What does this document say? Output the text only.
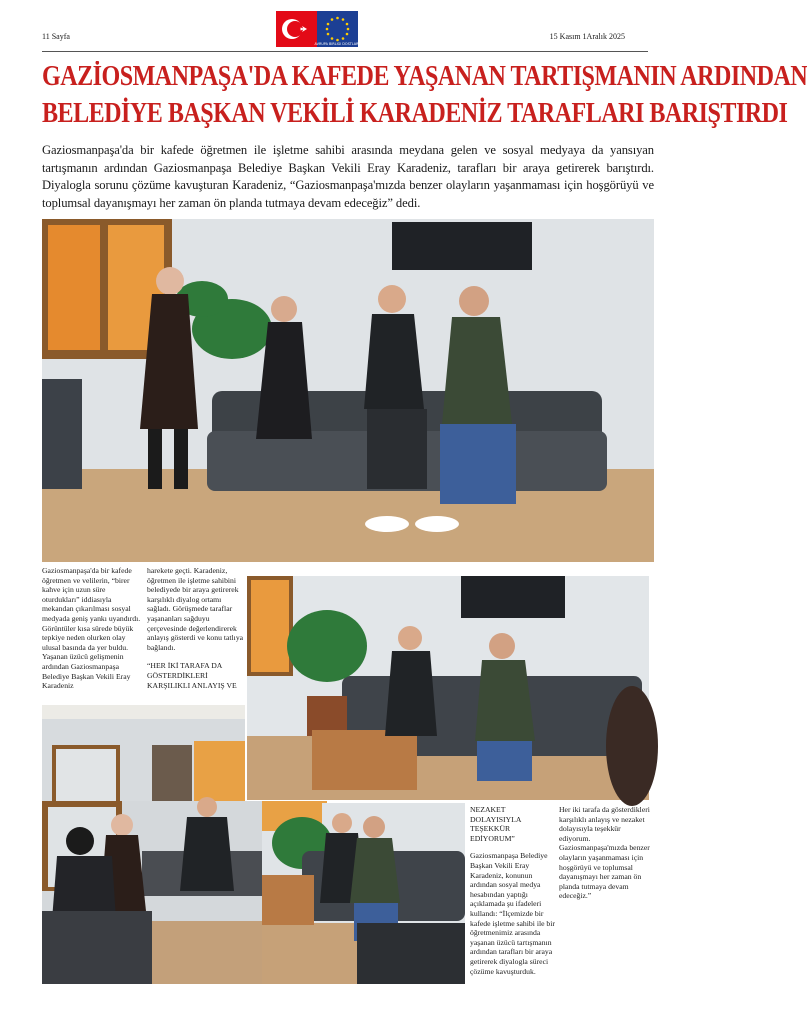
11 Sayfa
AVRUPA BIRLIGI DOSTLARI
15 Kasım 1Aralık 2025
GAZİOSMANPAŞA'DA KAFEDE YAŞANAN TARTIŞMANIN ARDINDAN
BELEDİYE BAŞKAN VEKİLİ KARADENİZ TARAFLARI BARIŞTIRDI
Gaziosmanpaşa'da bir kafede öğretmen ile işletme sahibi arasında meydana gelen ve sosyal medyaya da yansıyan tartışmanın ardından Gaziosmanpaşa Belediye Başkan Vekili Eray Karadeniz, tarafları bir araya getirerek barıştırdı. Diyalogla sorunu çözüme kavuşturan Karadeniz, “Gaziosmanpaşa'mızda benzer olayların yaşanmaması için hoşgörüyü ve toplumsal dayanışmayı her zaman ön planda tutmaya devam edeceğiz” dedi.

Gaziosmanpaşa'da bir kafede öğretmen ve velilerin, “birer kahve için uzun süre oturdukları” iddiasıyla mekandan çıkarılması sosyal medyada geniş yankı uyandırdı. Görüntüler kısa sürede büyük tepkiye neden olurken olay ulusal basında da yer buldu. Yaşanan üzücü gelişmenin ardından Gaziosmanpaşa Belediye Başkan Vekili Eray Karadeniz

harekete geçti. Karadeniz, öğretmen ile işletme sahibini belediyede bir araya getirerek karşılıklı diyalog ortamı sağladı. Görüşmede taraflar yaşananları sağduyu çerçevesinde değerlendirerek anlayış gösterdi ve konu tatlıya bağlandı.

“HER İKİ TARAFA DA GÖSTERDİKLERİ KARŞILIKLI ANLAYIŞ VE

NEZAKET DOLAYISIYLA TEŞEKKÜR EDİYORUM”

Gaziosmanpaşa Belediye Başkan Vekili Eray Karadeniz, konunun ardından sosyal medya hesabından yaptığı açıklamada şu ifadeleri kullandı: “İlçemizde bir kafede işletme sahibi ile bir öğretmenimiz arasında yaşanan üzücü tartışmanın ardından tarafları bir araya getirerek diyalogla süreci çözüme kavuşturduk.

Her iki tarafa da gösterdikleri karşılıklı anlayış ve nezaket dolayısıyla teşekkür ediyorum. Gaziosmanpaşa'mızda benzer olayların yaşanmaması için hoşgörüyü ve toplumsal dayanışmayı her zaman ön planda tutmaya devam edeceğiz.”
